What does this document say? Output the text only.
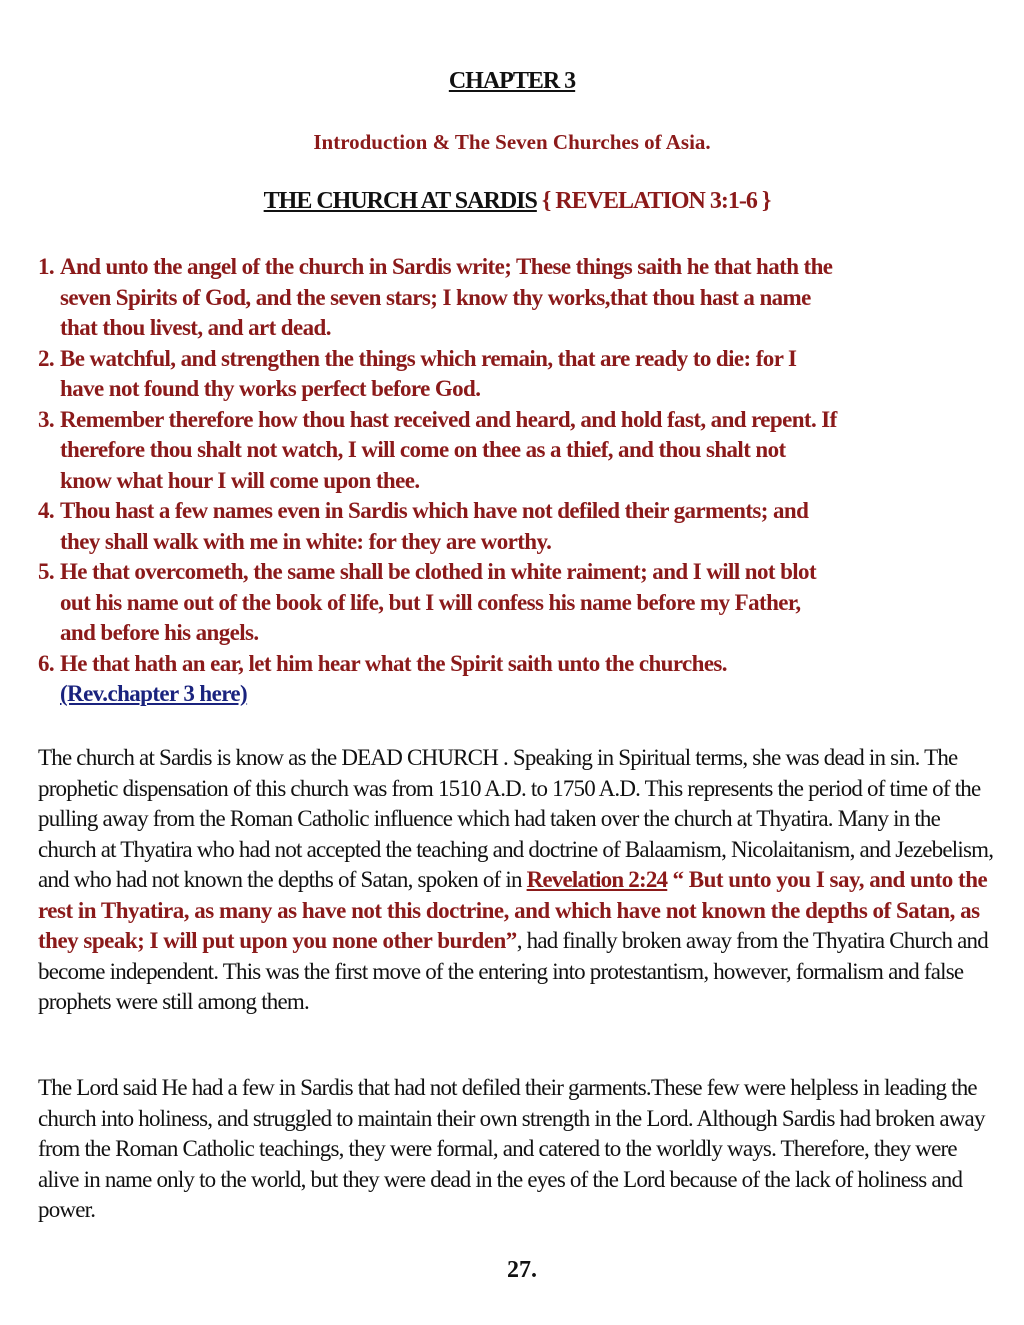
CHAPTER 3
Introduction & The Seven Churches of Asia.
THE CHURCH AT SARDIS { REVELATION 3:1-6 }
1. And unto the angel of the church in Sardis write; These things saith he that hath the seven Spirits of God, and the seven stars; I know thy works,that thou hast a name that thou livest, and art dead.
2. Be watchful, and strengthen the things which remain, that are ready to die: for I have not found thy works perfect before God.
3. Remember therefore how thou hast received and heard, and hold fast, and repent. If therefore thou shalt not watch, I will come on thee as a thief, and thou shalt not know what hour I will come upon thee.
4. Thou hast a few names even in Sardis which have not defiled their garments; and they shall walk with me in white: for they are worthy.
5. He that overcometh, the same shall be clothed in white raiment; and I will not blot out his name out of the book of life, but I will confess his name before my Father, and before his angels.
6. He that hath an ear, let him hear what the Spirit saith unto the churches. (Rev.chapter 3 here)

The church at Sardis is know as the DEAD CHURCH . Speaking in Spiritual terms, she was dead in sin. The prophetic dispensation of this church was from 1510 A.D. to 1750 A.D. This represents the period of time of the pulling away from the Roman Catholic influence which had taken over the church at Thyatira. Many in the church at Thyatira who had not accepted the teaching and doctrine of Balaamism, Nicolaitanism, and Jezebelism, and who had not known the depths of Satan, spoken of in Revelation 2:24 “ But unto you I say, and unto the rest in Thyatira, as many as have not this doctrine, and which have not known the depths of Satan, as they speak; I will put upon you none other burden”, had finally broken away from the Thyatira Church and become independent. This was the first move of the entering into protestantism, however, formalism and false prophets were still among them.

The Lord said He had a few in Sardis that had not defiled their garments.These few were helpless in leading the church into holiness, and struggled to maintain their own strength in the Lord. Although Sardis had broken away from the Roman Catholic teachings, they were formal, and catered to the worldly ways. Therefore, they were alive in name only to the world, but they were dead in the eyes of the Lord because of the lack of holiness and power.

27.
